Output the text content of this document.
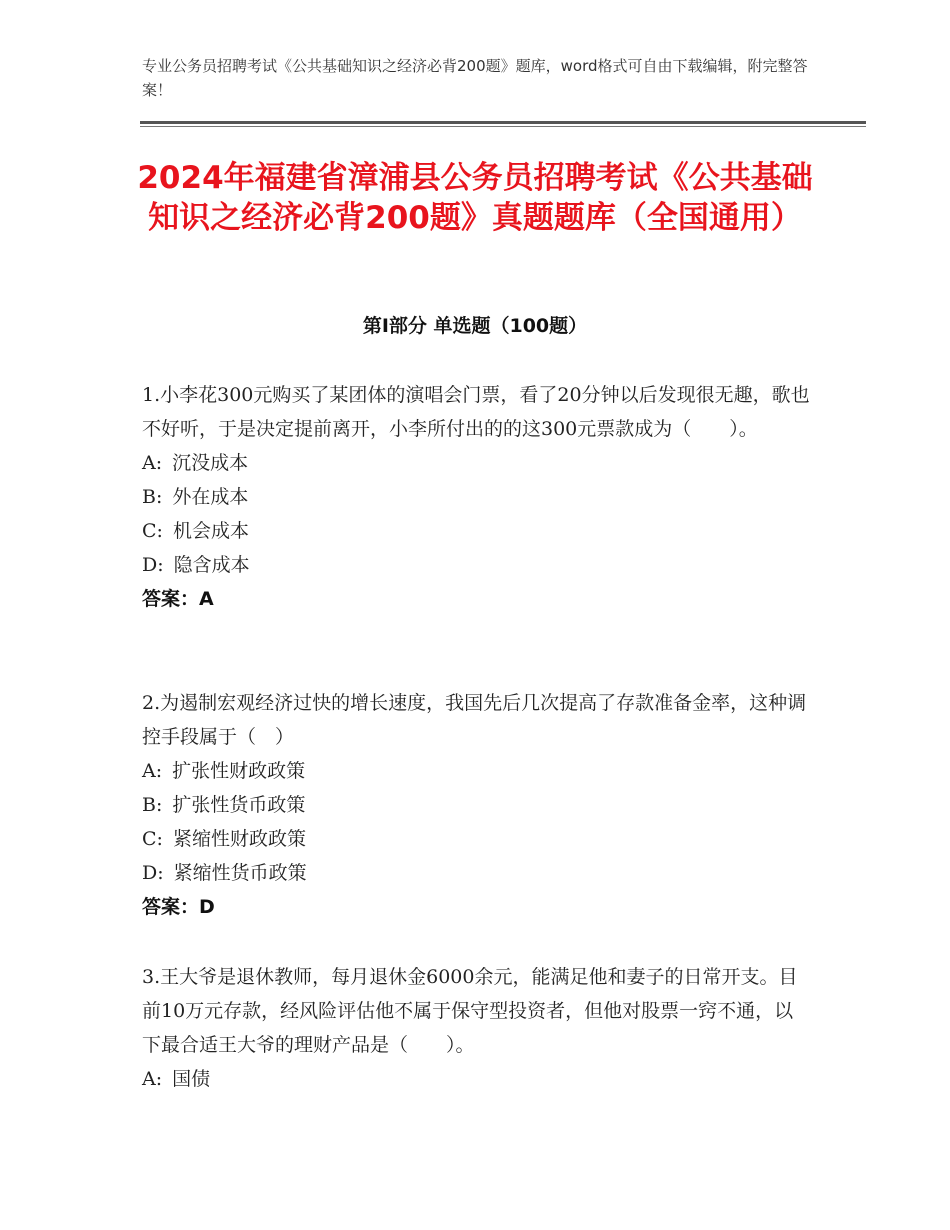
专业公务员招聘考试《公共基础知识之经济必背200题》题库，word格式可自由下载编辑，附完整答案！
2024年福建省漳浦县公务员招聘考试《公共基础知识之经济必背200题》真题题库（全国通用）
第Ⅰ部分 单选题（100题）

1.小李花300元购买了某团体的演唱会门票，看了20分钟以后发现很无趣，歌也不好听，于是决定提前离开，小李所付出的的这300元票款成为（　　）。

A: 沉没成本

B: 外在成本

C: 机会成本

D: 隐含成本

答案：A

2.为遏制宏观经济过快的增长速度，我国先后几次提高了存款准备金率，这种调控手段属于（　）

A: 扩张性财政政策

B: 扩张性货币政策

C: 紧缩性财政政策

D: 紧缩性货币政策

答案：D

3.王大爷是退休教师，每月退休金6000余元，能满足他和妻子的日常开支。目前10万元存款，经风险评估他不属于保守型投资者，但他对股票一窍不通，以下最合适王大爷的理财产品是（　　）。

A: 国债
